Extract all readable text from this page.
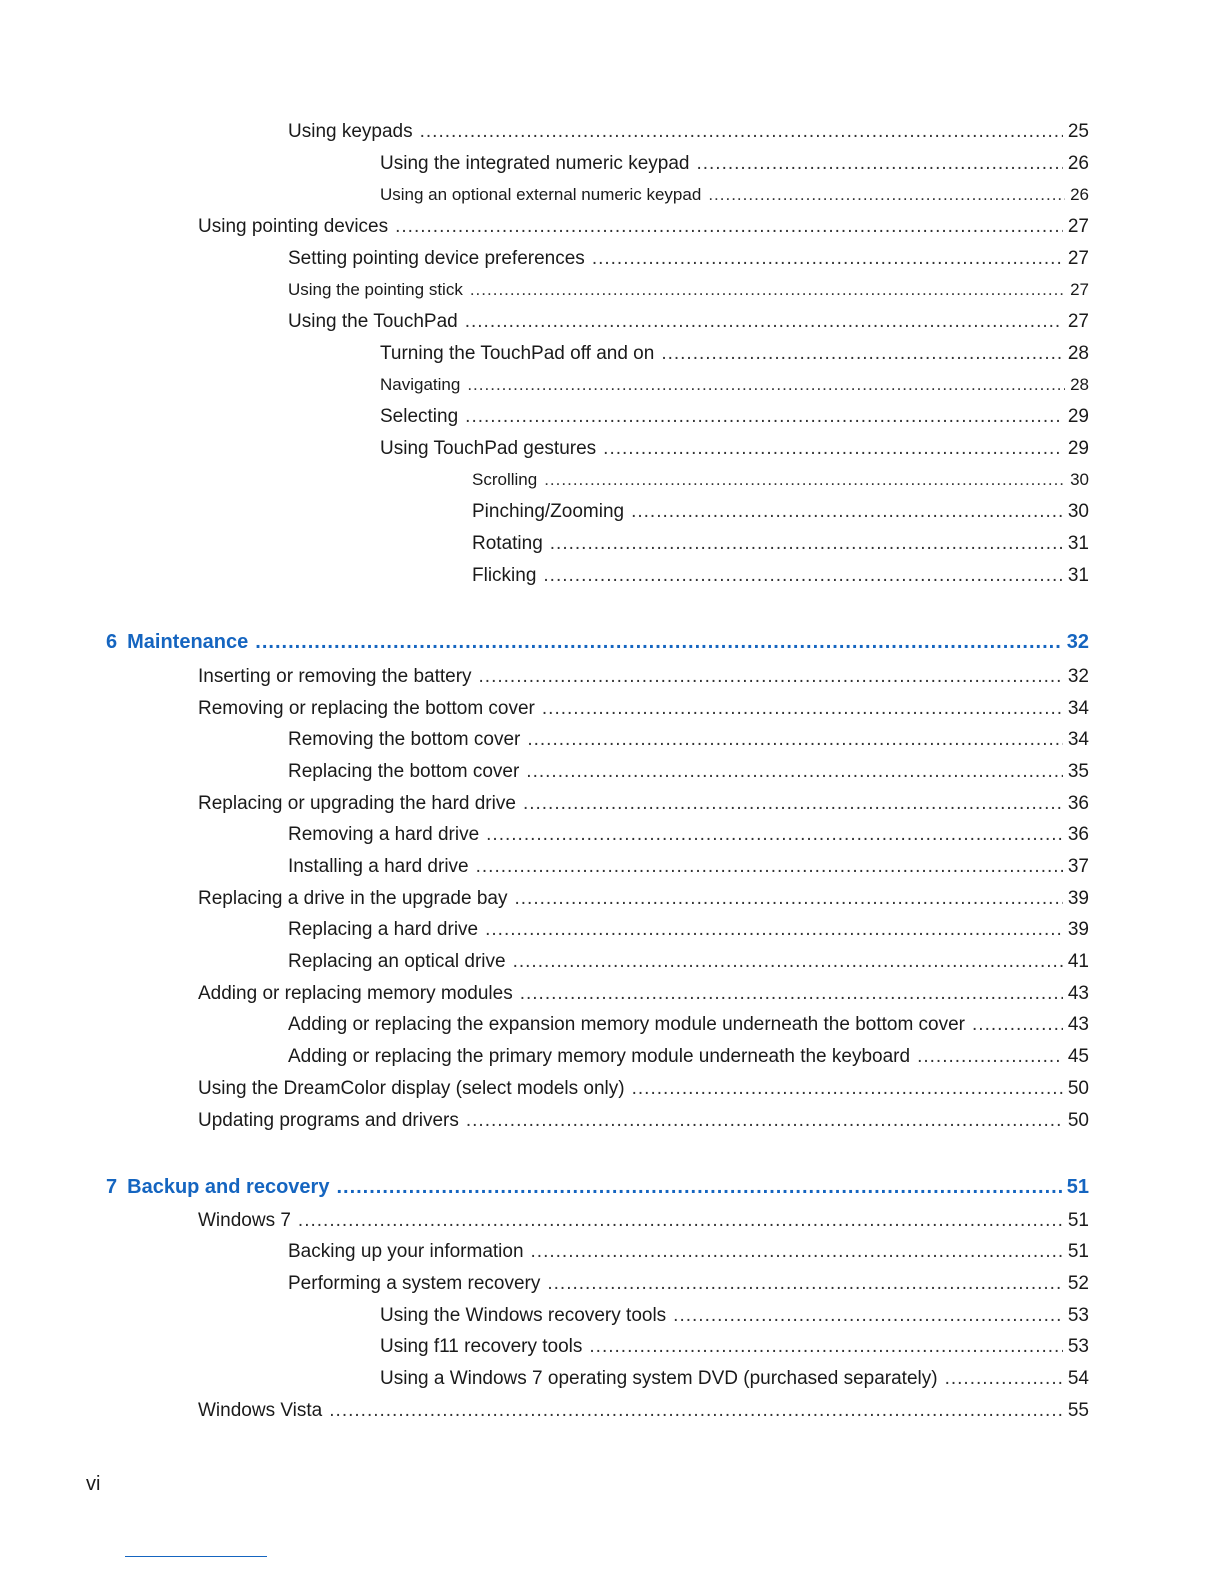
Using keypads .....	25
Using the integrated numeric keypad .....	26
Using an optional external numeric keypad .....	26
Using pointing devices .....	27
Setting pointing device preferences .....	27
Using the pointing stick .....	27
Using the TouchPad .....	27
Turning the TouchPad off and on .....	28
Navigating .....	28
Selecting .....	29
Using TouchPad gestures .....	29
Scrolling .....	30
Pinching/Zooming .....	30
Rotating .....	31
Flicking .....	31
6 Maintenance .....	32
Inserting or removing the battery .....	32
Removing or replacing the bottom cover .....	34
Removing the bottom cover .....	34
Replacing the bottom cover .....	35
Replacing or upgrading the hard drive .....	36
Removing a hard drive .....	36
Installing a hard drive .....	37
Replacing a drive in the upgrade bay .....	39
Replacing a hard drive .....	39
Replacing an optical drive .....	41
Adding or replacing memory modules .....	43
Adding or replacing the expansion memory module underneath the bottom cover .....	43
Adding or replacing the primary memory module underneath the keyboard .....	45
Using the DreamColor display (select models only) .....	50
Updating programs and drivers .....	50
7 Backup and recovery .....	51
Windows 7 .....	51
Backing up your information .....	51
Performing a system recovery .....	52
Using the Windows recovery tools .....	53
Using f11 recovery tools .....	53
Using a Windows 7 operating system DVD (purchased separately) .....	54
Windows Vista .....	55
vi
